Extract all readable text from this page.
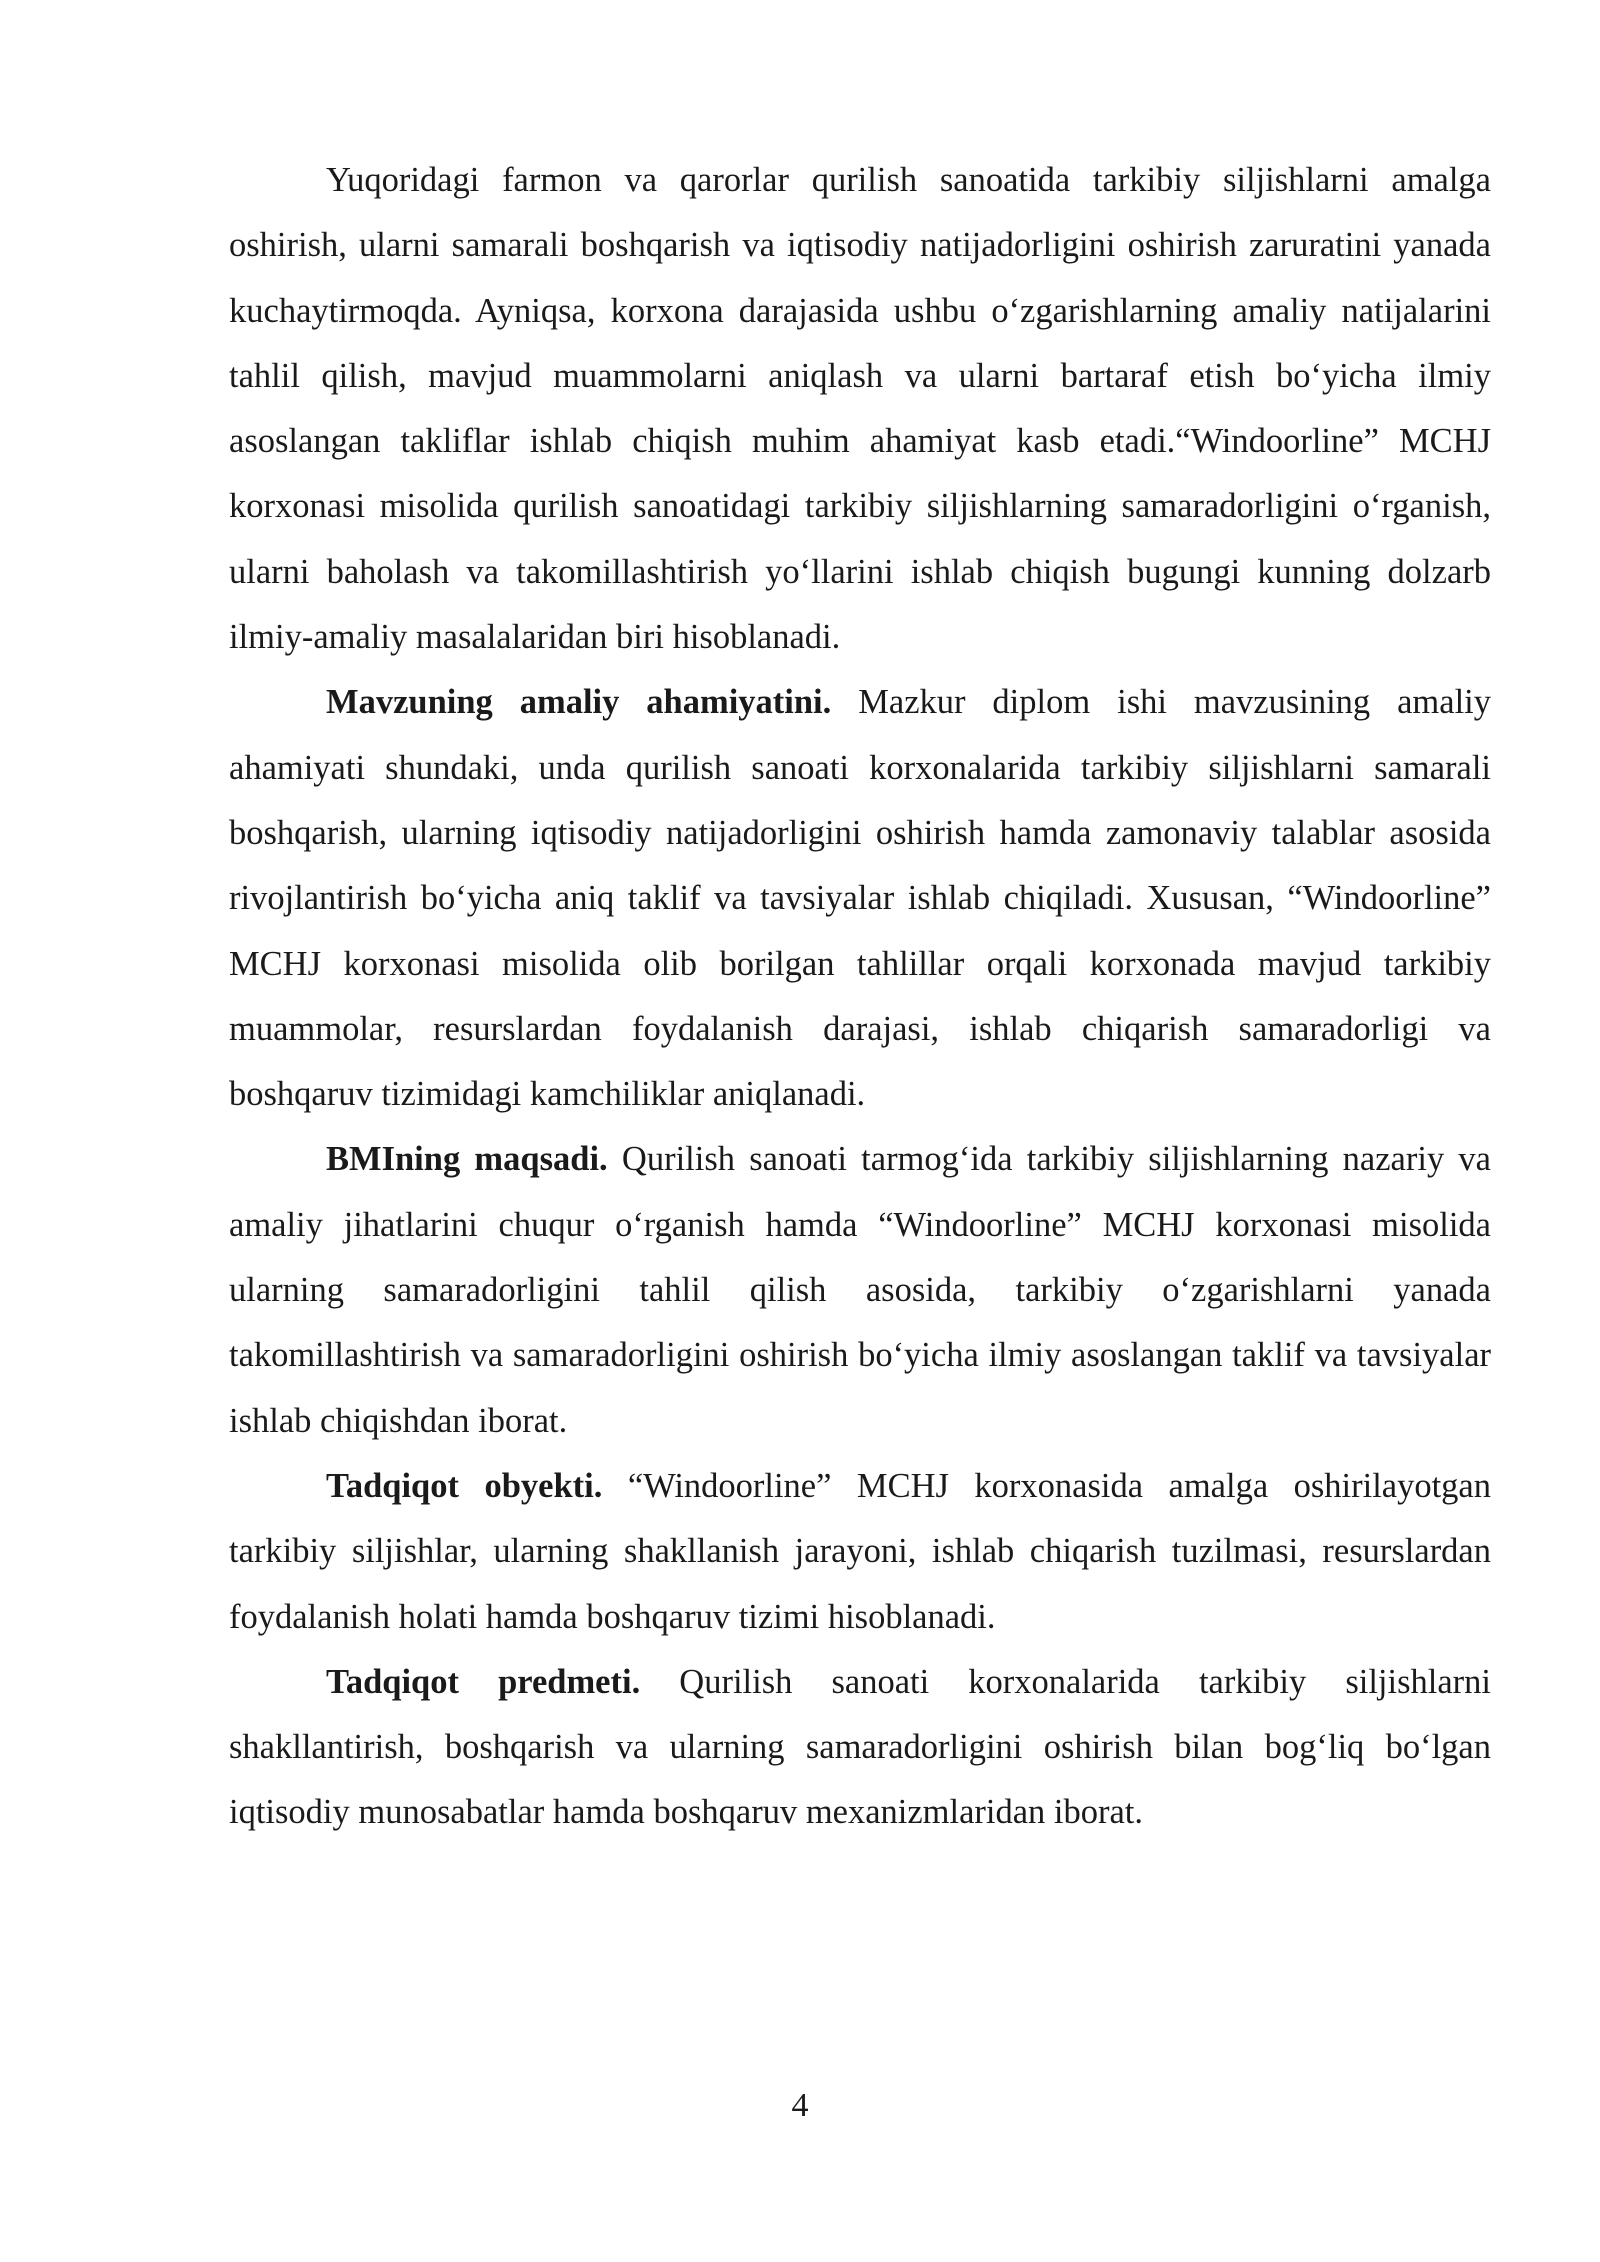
Yuqoridagi farmon va qarorlar qurilish sanoatida tarkibiy siljishlarni amalga oshirish, ularni samarali boshqarish va iqtisodiy natijadorligini oshirish zaruratini yanada kuchaytirmoqda. Ayniqsa, korxona darajasida ushbu o‘zgarishlarning amaliy natijalarini tahlil qilish, mavjud muammolarni aniqlash va ularni bartaraf etish bo‘yicha ilmiy asoslangan takliflar ishlab chiqish muhim ahamiyat kasb etadi.“Windoorline” MCHJ korxonasi misolida qurilish sanoatidagi tarkibiy siljishlarning samaradorligini o‘rganish, ularni baholash va takomillashtirish yo‘llarini ishlab chiqish bugungi kunning dolzarb ilmiy-amaliy masalalaridan biri hisoblanadi.

Mavzuning amaliy ahamiyatini. Mazkur diplom ishi mavzusining amaliy ahamiyati shundaki, unda qurilish sanoati korxonalarida tarkibiy siljishlarni samarali boshqarish, ularning iqtisodiy natijadorligini oshirish hamda zamonaviy talablar asosida rivojlantirish bo‘yicha aniq taklif va tavsiyalar ishlab chiqiladi. Xususan, “Windoorline” MCHJ korxonasi misolida olib borilgan tahlillar orqali korxonada mavjud tarkibiy muammolar, resurslardan foydalanish darajasi, ishlab chiqarish samaradorligi va boshqaruv tizimidagi kamchiliklar aniqlanadi.

BMIning maqsadi. Qurilish sanoati tarmog‘ida tarkibiy siljishlarning nazariy va amaliy jihatlarini chuqur o‘rganish hamda “Windoorline” MCHJ korxonasi misolida ularning samaradorligini tahlil qilish asosida, tarkibiy o‘zgarishlarni yanada takomillashtirish va samaradorligini oshirish bo‘yicha ilmiy asoslangan taklif va tavsiyalar ishlab chiqishdan iborat.

Tadqiqot obyekti. “Windoorline” MCHJ korxonasida amalga oshirilayotgan tarkibiy siljishlar, ularning shakllanish jarayoni, ishlab chiqarish tuzilmasi, resurslardan foydalanish holati hamda boshqaruv tizimi hisoblanadi.

Tadqiqot predmeti. Qurilish sanoati korxonalarida tarkibiy siljishlarni shakllantirish, boshqarish va ularning samaradorligini oshirish bilan bog‘liq bo‘lgan iqtisodiy munosabatlar hamda boshqaruv mexanizmlaridan iborat.

4
